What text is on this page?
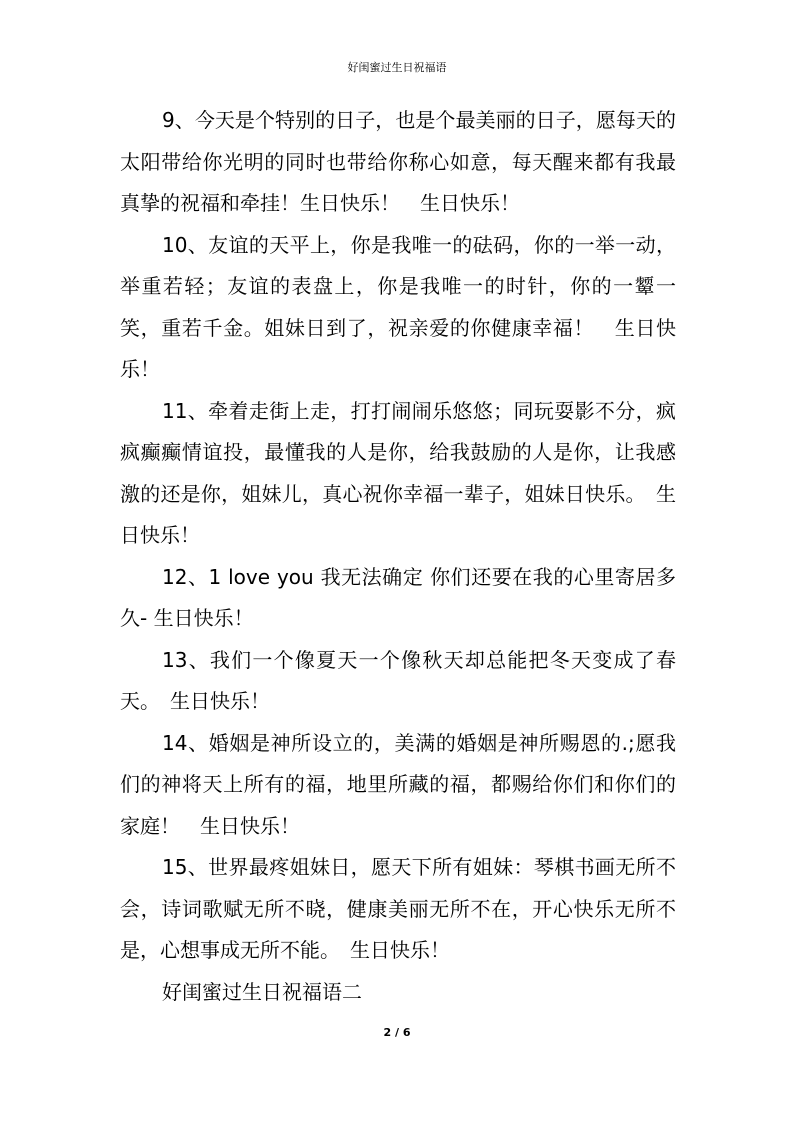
好闺蜜过生日祝福语

9、今天是个特别的日子，也是个最美丽的日子，愿每天的太阳带给你光明的同时也带给你称心如意，每天醒来都有我最真挚的祝福和牵挂！生日快乐！　生日快乐！

10、友谊的天平上，你是我唯一的砝码，你的一举一动，举重若轻；友谊的表盘上，你是我唯一的时针，你的一颦一笑，重若千金。姐妹日到了，祝亲爱的你健康幸福！　生日快乐！

11、牵着走街上走，打打闹闹乐悠悠；同玩耍影不分，疯疯癫癫情谊投，最懂我的人是你，给我鼓励的人是你，让我感激的还是你，姐妹儿，真心祝你幸福一辈子，姐妹日快乐。　生日快乐！

12、1 love you 我无法确定 你们还要在我的心里寄居多久- 生日快乐！

13、我们一个像夏天一个像秋天却总能把冬天变成了春天。　生日快乐！

14、婚姻是神所设立的，美满的婚姻是神所赐恩的.;愿我们的神将天上所有的福，地里所藏的福，都赐给你们和你们的家庭！　生日快乐！

15、世界最疼姐妹日，愿天下所有姐妹：琴棋书画无所不会，诗词歌赋无所不晓，健康美丽无所不在，开心快乐无所不是，心想事成无所不能。　生日快乐！

好闺蜜过生日祝福语二

2 / 6
